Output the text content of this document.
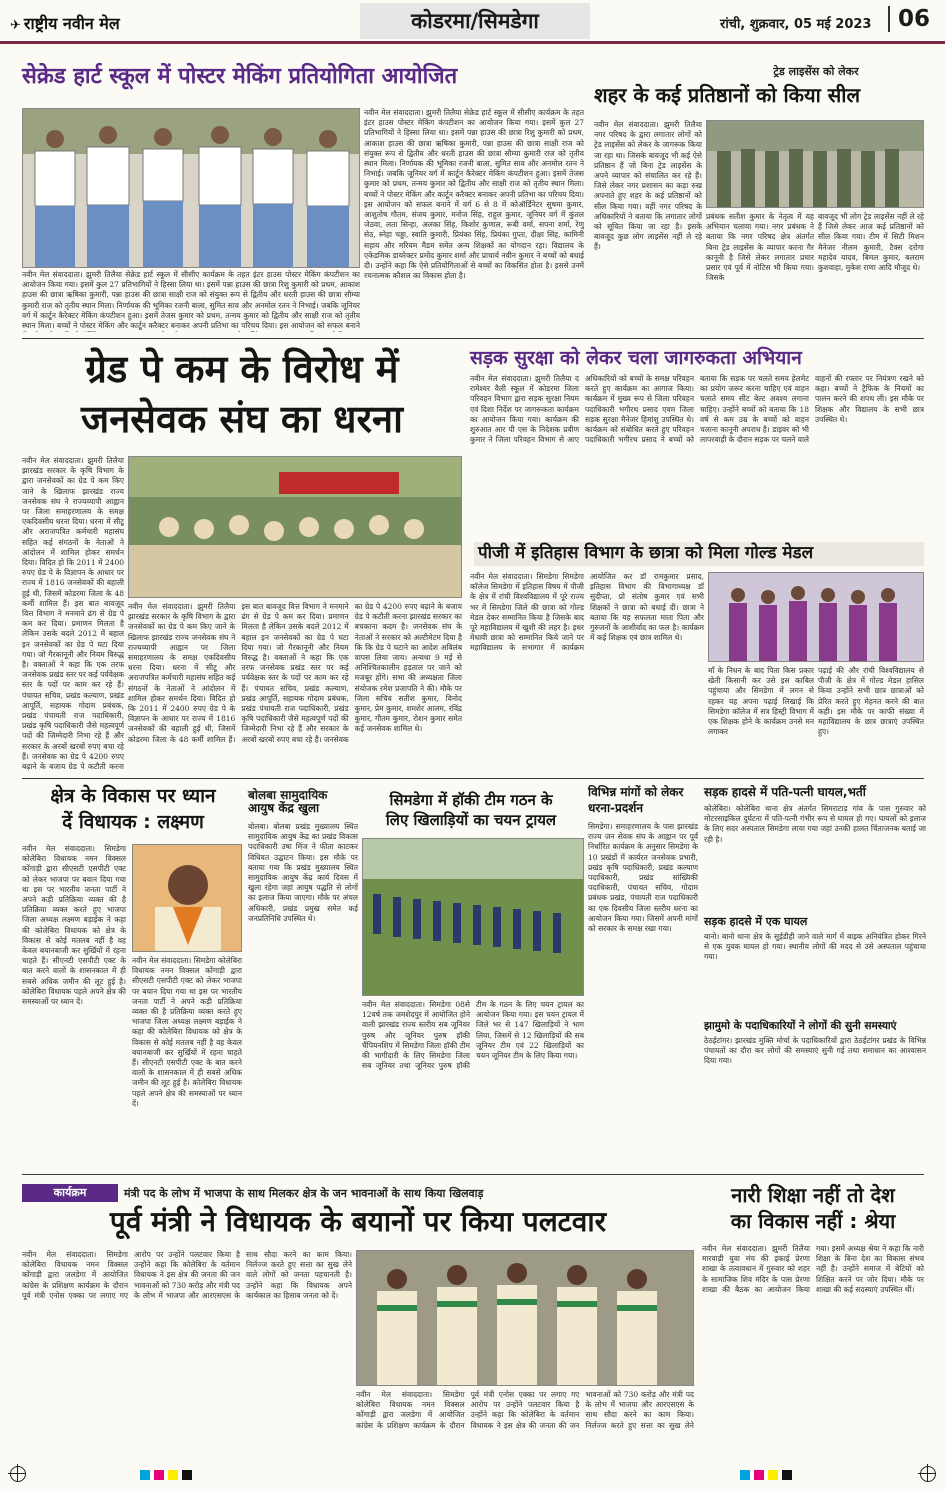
✈ राष्ट्रीय नवीन मेल	कोडरमा/सिमडेगा	रांची, शुक्रवार, 05 मई 2023	06
सेक्रेड हार्ट स्कूल में पोस्टर मेकिंग प्रतियोगिता आयोजित
नवीन मेल संवाददाता। झुमरी तिलैया सेक्रेड हार्ट स्कूल में सीसीए कार्यक्रम के तहत इंटर हाउस पोस्टर मेकिंग कंपटीशन का आयोजन किया गया। इसमें कुल 27 प्रतिभागियों ने हिस्सा लिया था। इसमें पन्ना हाउस की छात्रा रिशु कुमारी को प्रथम, आकाश हाउस की छात्रा ऋषिका कुमारी, पन्ना हाउस की छात्रा साक्षी राज को संयुक्त रूप से द्वितीय और धरती हाउस की छात्रा सौम्या कुमारी राज को तृतीय स्थान मिला। निर्णायक की भूमिका रजनी बाला, सुमित साव और अनमोल रतन ने निभाई। जबकि जूनियर वर्ग में कार्टून कैरेक्टर मेकिंग कंपटीशन हुआ। इसमें तेजस कुमार को प्रथम, तन्मय कुमार को द्वितीय और साक्षी राज को तृतीय स्थान मिला। बच्चों ने पोस्टर मेकिंग और कार्टून करैक्टर बनाकर अपनी प्रतिभा का परिचय दिया। इस आयोजन को सफल बनाने
नवीन मेल संवाददाता। झुमरी तिलैया सेक्रेड हार्ट स्कूल में सीसीए कार्यक्रम के तहत इंटर हाउस पोस्टर मेकिंग कंपटीशन का आयोजन किया गया। इसमें कुल 27 प्रतिभागियों ने हिस्सा लिया था। इसमें पन्ना हाउस की छात्रा रिशु कुमारी को प्रथम, आकाश हाउस की छात्रा ऋषिका कुमारी, पन्ना हाउस की छात्रा साक्षी राज को संयुक्त रूप से द्वितीय और धरती हाउस की छात्रा सौम्या कुमारी राज को तृतीय स्थान मिला। निर्णायक की भूमिका रजनी बाला, सुमित साव और अनमोल रतन ने निभाई। जबकि जूनियर वर्ग में कार्टून कैरेक्टर मेकिंग कंपटीशन हुआ। इसमें तेजस कुमार को प्रथम, तन्मय कुमार को द्वितीय और साक्षी राज को तृतीय स्थान मिला। बच्चों ने पोस्टर मेकिंग और कार्टून करैक्टर बनाकर अपनी प्रतिभा का परिचय दिया। इस आयोजन को सफल बनाने में वर्ग 6 से 8 में कोऑर्डिनेटर सुषमा कुमार, आशुतोष गौतम, संजय कुमार, मनोज सिंह, राहुल कुमार, जूनियर वर्ग में कुंतल जेठवा, लता सिन्हा, अलका सिंह, किशोर कुणाल, रूबी वर्मा, सपना शर्मा, रेणु सेठ, स्नेहा चड्डा, स्वाति कुमारी, प्रियंका सिंह, प्रियंका गुप्ता, दीक्षा सिंह, कामिनी सहाय और मरियम मैडम समेत अन्य शिक्षकों का योगदान रहा। विद्यालय के एकेडमिक डायरेक्टर प्रमोद कुमार शर्मा और प्राचार्य नवीन कुमार ने बच्चों को बधाई दी। उन्होंने कहा कि ऐसे प्रतियोगिताओं से बच्चों का विकसित होता है। इससे उनमें रचनात्मक कौशल का विकास होता है।
ट्रेड लाइसेंस को लेकर
शहर के कई प्रतिष्ठानों को किया सील
नवीन मेल संवाददाता। झुमरी तिलैया नगर परिषद के द्वारा लगातार लोगों को ट्रेड लाइसेंस को लेकर के जागरूक किया जा रहा था। जिसके बावजूद भी कई ऐसे प्रतिष्ठान हैं जो बिना ट्रेड लाइसेंस के अपने व्यापार को संचालित कर रहे हैं। जिसे लेकर नगर प्रशासन का कड़ा रुख अपनाते हुए शहर के कई प्रतिष्ठानों को सील किया गया। वहीं नगर परिषद के अधिकारियों ने बताया कि लगातार लोगों को सूचित किया जा रहा है। इसके बावजूद कुछ लोग लाइसेंस नहीं ले रहे हैं।
प्रबंधक सतीश कुमार के नेतृत्व में यह अभियान चलाया गया। नगर प्रबंधक ने बताया कि नगर परिषद क्षेत्र अंतर्गत बिना ट्रेड लाइसेंस के व्यापार करना गैर कानूनी है जिसे लेकर लगातार प्रचार प्रसार एवं पूर्व में नोटिस भी किया गया। जिसके
बावजूद भी लोग ट्रेड लाइसेंस नहीं ले रहे हैं जिसे लेकर आज कई प्रतिष्ठानों को सील किया गया। टीम में सिटी मिशन मैनेजर नीलम कुमारी, टैक्स दरोगा महादेव यादव, बिमल कुमार, बलराम कुशवाहा, मुकेश राणा आदि मौजूद थे।
ग्रेड पे कम के विरोध में
जनसेवक संघ का धरना
नवीन मेल संवाददाता। झुमरी तिलैया झारखंड सरकार के कृषि विभाग के द्वारा जनसेवकों का ग्रेड पे कम किए जाने के खिलाफ झारखंड राज्य जनसेवक संघ ने राज्यव्यापी आह्वान पर जिला समाहरणालय के समक्ष एकदिवसीय धरना दिया। धरना में सीटू और अराजपत्रित कर्मचारी महासंघ सहित कई संगठनों के नेताओं ने आंदोलन में शामिल होकर समर्थन दिया। विदित हो कि 2011 में 2400 रुपए ग्रेड पे के विज्ञापन के आधार पर राज्य में 1816 जनसेवकों की बहाली हुई थी, जिसमें कोडरमा जिला के 48 कर्मी शामिल हैं। इस बात बावजूद वित्त विभाग ने मनमाने ढंग से ग्रेड पे कम कर दिया। प्रमाणन मिलता है लेकिन उसके बदले 2012 में बहाल इन जनसेवकों का ग्रेड पे घटा दिया गया। जो गैरकानूनी और नियम विरुद्ध है। वक्ताओं ने कहा कि एक तरफ जनसेवक प्रखंड स्तर पर कई पर्यवेक्षक स्तर के पदों पर काम कर रहे हैं। पंचायत सचिव, प्रखंड कल्याण, प्रखंड आपूर्ति, सहायक गोदाम प्रबंधक, प्रखंड पंचायती राज पदाधिकारी, प्रखंड कृषि पदाधिकारी जैसे महत्वपूर्ण पदों की जिम्मेदारी निभा रहे हैं और सरकार के अरबों खरबों रुपए बचा रहे हैं। जनसेवक का ग्रेड पे 4200 रुपए बढ़ाने के बजाय ग्रेड पे कटौती करना
नवीन मेल संवाददाता। झुमरी तिलैया झारखंड सरकार के कृषि विभाग के द्वारा जनसेवकों का ग्रेड पे कम किए जाने के खिलाफ झारखंड राज्य जनसेवक संघ ने राज्यव्यापी आह्वान पर जिला समाहरणालय के समक्ष एकदिवसीय धरना दिया। धरना में सीटू और अराजपत्रित कर्मचारी महासंघ सहित कई संगठनों के नेताओं ने आंदोलन में शामिल होकर समर्थन दिया। विदित हो कि 2011 में 2400 रुपए ग्रेड पे के विज्ञापन के आधार पर राज्य में 1816 जनसेवकों की बहाली हुई थी, जिसमें कोडरमा जिला के 48 कर्मी शामिल हैं। इस बात बावजूद वित्त विभाग ने मनमाने ढंग से ग्रेड पे कम कर दिया। प्रमाणन मिलता है लेकिन उसके बदले 2012 में बहाल इन जनसेवकों का ग्रेड पे घटा दिया गया। जो गैरकानूनी और नियम विरुद्ध है। वक्ताओं ने कहा कि एक तरफ जनसेवक प्रखंड स्तर पर कई पर्यवेक्षक स्तर के पदों पर काम कर रहे हैं। पंचायत सचिव, प्रखंड कल्याण, प्रखंड आपूर्ति, सहायक गोदाम प्रबंधक, प्रखंड पंचायती राज पदाधिकारी, प्रखंड कृषि पदाधिकारी जैसे महत्वपूर्ण पदों की जिम्मेदारी निभा रहे हैं और सरकार के अरबों खरबों रुपए बचा रहे हैं। जनसेवक का ग्रेड पे 4200 रुपए बढ़ाने के बजाय ग्रेड पे कटौती करना झारखंड सरकार का बचकाना कदम है। जनसेवक संघ के नेताओं ने सरकार को अल्टीमेटम दिया है कि कि ग्रेड पे घटाने का आदेश अविलंब वापस लिया जाय। अन्यथा 9 मई से अनिश्चितकालीन हड़ताल पर जाने को मजबूर होंगे। सभा की अध्यक्षता जिला संयोजक रमेश प्रजापति ने की। मौके पर जिला सचिव सतीश कुमार, विनोद कुमार, प्रेम कुमार, शमशेर आलम, रविंद्र कुमार, गौतम कुमार, रोशन कुमार समेत कई जनसेवक शामिल थे।
सड़क सुरक्षा को लेकर चला जागरुकता अभियान
नवीन मेल संवाददाता। झुमरी तिलैया द रामेश्वर वैली स्कूल में कोडरमा जिला परिवहन विभाग द्वारा सड़क सुरक्षा नियम एवं दिशा निर्देश पर जागरूकता कार्यक्रम का आयोजन किया गया। कार्यक्रम की शुरुआत आर पी एस के निदेशक प्रवीण कुमार ने जिला परिवहन विभाग से आए अधिकारियों को बच्चों के समक्ष परिवहन करते हुए कार्यक्रम का आगाज किया। कार्यक्रम में मुख्य रूप से जिला परिवहन पदाधिकारी भगीरथ प्रसाद एवम जिला सड़क सुरक्षा मैनेजर हिमांशु उपस्थित थे। कार्यक्रम को संबोधित करते हुए परिवहन पदाधिकारी भगीरथ प्रसाद ने बच्चों को बताया कि सड़क पर चलते समय हेलमेट का प्रयोग जरूर करना चाहिए एवं वाहन चलाते समय सीट बेल्ट अवश्य लगाना चाहिए। उन्होंने बच्चों को बताया कि 18 वर्ष से कम उम्र के बच्चों को वाहन चलाना कानूनी अपराध है। डाइवर को भी लापरवाही के दौरान सड़क पर चलने वाले वाहनों की रफ्तार पर नियंत्रण रखने को कहा। बच्चों ने ट्रैफिक के नियमों का पालन करने की शपथ ली। इस मौके पर शिक्षक और विद्यालय के सभी छात्र उपस्थित थे।
पीजी में इतिहास विभाग के छात्रा को मिला गोल्ड मेडल
नवीन मेल संवाददाता। सिमडेगा सिमडेगा कॉलेज सिमडेगा में इतिहास विषय में पीजी के क्षेत्र में रांची विश्वविद्यालय में पूरे राज्य भर में सिमडेगा जिले की छात्रा को गोल्ड मेडल देकर सम्मानित किया है जिसके बाद पूरे महाविद्यालय में खुशी की लहर है। इधर मेधावी छात्रा को सम्मानित किये जाने पर महाविद्यालय के सभागार में कार्यक्रम आयोजित कर डॉ रामकुमार प्रसाद, इतिहास विभाग की विभागाध्यक्ष डॉ सुदीप्ता, प्रो संतोष कुमार एवं सभी शिक्षकों ने छात्रा को बधाई दी। छात्रा ने बताया कि यह सफलता माता पिता और गुरुजनों के आशीर्वाद का फल है। कार्यक्रम में कई शिक्षक एवं छात्र शामिल थे।
माँ के निधन के बाद पिता किस प्रकार खेती किसानी कर उसे इस काबिल पहुंचाया और सिमडेगा में लगन से रहकर यह अपना पढ़ाई लिखाई कि सिमडेगा कॉलेज में सत्र हिस्ट्री विभाग में एक शिक्षक होने के कार्यक्रम उनसे मन लगाकर
पढ़ाई की और रांची विश्वविद्यालय से पीजी के क्षेत्र में गोल्ड मेडल हासिल किया उन्होंने सभी छात्र छात्राओं को प्रेरित करते हुए मेहनत करने की बात कही। इस मौके पर काफी संख्या में महाविद्यालय के छात्र छात्राएं उपस्थित हुए।
क्षेत्र के विकास पर ध्यान
दें विधायक : लक्ष्मण
नवीन मेल संवाददाता। सिमडेगा कोलेबिरा विधायक नमन विक्सल कोंगाड़ी द्वारा सीएसटी एसपीटी एक्ट को लेकर भाजपा पर बयान दिया गया था इस पर भारतीय जनता पार्टी ने अपने कड़ी प्रतिक्रिया व्यक्त की है प्रतिक्रिया व्यक्त करते हुए भाजपा जिला अध्यक्ष लक्ष्मण बड़ाईक ने कहा की कोलेबिरा विधायक को क्षेत्र के विकास से कोई मतलब नहीं है वह केवल बयानबाजी कर सुर्खियों में रहना चाहते हैं। सीएनटी एसपीटी एक्ट के बात करने वालों के शासनकाल में ही सबसे अधिक जमीन की लूट हुई है। कोलेबिरा विधायक पहले अपने क्षेत्र की समस्याओं पर ध्यान दें।
नवीन मेल संवाददाता। सिमडेगा कोलेबिरा विधायक नमन विक्सल कोंगाड़ी द्वारा सीएसटी एसपीटी एक्ट को लेकर भाजपा पर बयान दिया गया था इस पर भारतीय जनता पार्टी ने अपने कड़ी प्रतिक्रिया व्यक्त की है प्रतिक्रिया व्यक्त करते हुए भाजपा जिला अध्यक्ष लक्ष्मण बड़ाईक ने कहा की कोलेबिरा विधायक को क्षेत्र के विकास से कोई मतलब नहीं है वह केवल बयानबाजी कर सुर्खियों में रहना चाहते हैं। सीएनटी एसपीटी एक्ट के बात करने वालों के शासनकाल में ही सबसे अधिक जमीन की लूट हुई है। कोलेबिरा विधायक पहले अपने क्षेत्र की समस्याओं पर ध्यान दें।
बोलबा सामुदायिक
आयुष केंद्र खुला
बोलबा। बोलबा प्रखंड मुख्यालय स्थित सामुदायिक आयुष केंद्र का प्रखंड विकास पदाधिकारी उषा मिंज ने फीता काटकर विधिवत उद्घाटन किया। इस मौके पर बताया गया कि प्रखंड मुख्यालय स्थित सामुदायिक आयुष केंद्र कार्य दिवस में खुला रहेगा जहां आयुष पद्धति से लोगों का इलाज किया जाएगा। मौके पर अंचल अधिकारी, प्रखंड प्रमुख समेत कई जनप्रतिनिधि उपस्थित थे।
सिमडेगा में हॉकी टीम गठन के
लिए खिलाड़ियों का चयन ट्रायल
नवीन मेल संवाददाता। सिमडेगा 08से 12वर्ष तक जमशेदपुर में आयोजित होने वाली झारखंड राज्य स्तरीय सब जूनियर पुरुष और जूनियर पुरुष हॉकी चैंपियनशिप में सिमडेगा जिला हॉकी टीम की भागीदारी के लिए सिमडेगा जिला सब जूनियर तथा जूनियर पुरुष हॉकी टीम के गठन के लिए चयन ट्रायल का आयोजन किया गया। इस चयन ट्रायल में जिले भर से 147 खिलाड़ियों ने भाग लिया, जिसमें से 12 खिलाड़ियों की सब जूनियर टीम एवं 22 खिलाड़ियों का चयन जूनियर टीम के लिए किया गया।
विभिन्न मांगों को लेकर
धरना-प्रदर्शन
सिमडेगा। समाहरणालय के पास झारखंड राज्य जन सेवक संघ के आह्वान पर पूर्व निर्धारित कार्यक्रम के अनुसार सिमडेगा के 10 प्रखंडों में कार्यरत जनसेवक प्रभारी, प्रखंड कृषि पदाधिकारी, प्रखंड कल्याण पदाधिकारी, प्रखंड सांख्यिकी पदाधिकारी, पंचायत सचिव, गोदाम प्रबंधक प्रखंड, पंचायती राज पदाधिकारी का एक दिवसीय जिला स्तरीय धरना का आयोजन किया गया। जिसमें अपनी मांगों को सरकार के समक्ष रखा गया।
सड़क हादसे में पति-पत्नी घायल,भर्ती
कोलेबिरा। कोलेबिरा थाना क्षेत्र अंतर्गत सिमराटाड़ गांव के पास गुरुवार को मोटरसाइकिल दुर्घटना में पति-पत्नी गंभीर रूप से घायल हो गए। घायलों को इलाज के लिए सदर अस्पताल सिमडेगा लाया गया जहां उनकी हालत चिंताजनक बताई जा रही है।
सड़क हादसे में एक घायल
बानो। बानो थाना क्षेत्र के सुईडीही जाने वाले मार्ग में बाइक अनियंत्रित होकर गिरने से एक युवक घायल हो गया। स्थानीय लोगों की मदद से उसे अस्पताल पहुंचाया गया।
झामुमो के पदाधिकारियों ने लोगों की सुनी समस्याएं
ठेठईटांगर। झारखंड मुक्ति मोर्चा के पदाधिकारियों द्वारा ठेठईटांगर प्रखंड के विभिन्न पंचायतों का दौरा कर लोगों की समस्याएं सुनी गई तथा समाधान का आश्वासन दिया गया।
कार्यक्रम	मंत्री पद के लोभ में भाजपा के साथ मिलकर क्षेत्र के जन भावनाओं के साथ किया खिलवाड़
पूर्व मंत्री ने विधायक के बयानों पर किया पलटवार
नवीन मेल संवाददाता। सिमडेगा कोलेबिरा विधायक नमन विक्सल कोंगाड़ी द्वारा जलडेगा में आयोजित कांग्रेस के प्रशिक्षण कार्यक्रम के दौरान पूर्व मंत्री एनोस एक्का पर लगाए गए आरोप पर उन्होंने पलटवार किया है उन्होंने कहा कि कोलेबिरा के वर्तमान विधायक ने इस क्षेत्र की जनता की जन भावनाओं को 730 करोड़ और मंत्री पद के लोभ में भाजपा और आरएसएस के साथ सौदा करने का काम किया। निर्लज्ज करते हुए सत्ता का सुख लेने वाले लोगों को जनता पहचानती है। उन्होंने कहा कि विधायक अपने कार्यकाल का हिसाब जनता को दें।
नवीन मेल संवाददाता। सिमडेगा कोलेबिरा विधायक नमन विक्सल कोंगाड़ी द्वारा जलडेगा में आयोजित कांग्रेस के प्रशिक्षण कार्यक्रम के दौरान पूर्व मंत्री एनोस एक्का पर लगाए गए आरोप पर उन्होंने पलटवार किया है उन्होंने कहा कि कोलेबिरा के वर्तमान विधायक ने इस क्षेत्र की जनता की जन भावनाओं को 730 करोड़ और मंत्री पद के लोभ में भाजपा और आरएसएस के साथ सौदा करने का काम किया। निर्लज्ज करते हुए सत्ता का सुख लेने
नारी शिक्षा नहीं तो देश
का विकास नहीं : श्रेया
नवीन मेल संवाददाता। झुमरी तिलैया मारवाड़ी युवा मंच की इकाई प्रेरणा शाखा के तत्वावधान में गुरुवार को शहर के सामाजिक शिव मंदिर के पास प्रेरणा शाखा की बैठक का आयोजन किया गया। इसमें अध्यक्ष श्रेया ने कहा कि नारी शिक्षा के बिना देश का विकास संभव नहीं है। उन्होंने समाज में बेटियों को शिक्षित करने पर जोर दिया। मौके पर शाखा की कई सदस्याएं उपस्थित थीं।
